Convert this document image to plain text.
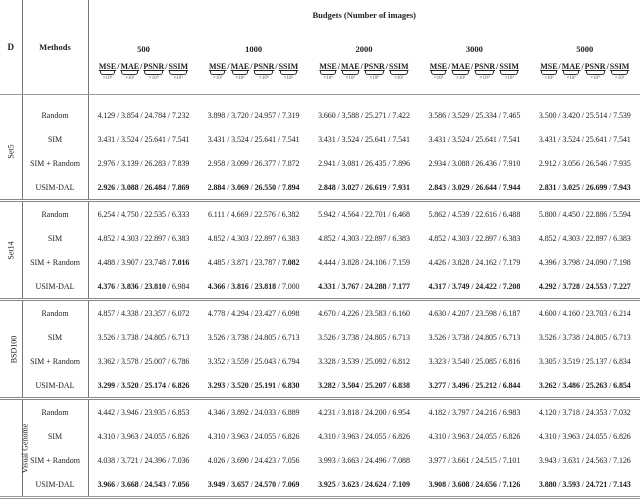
D	Methods	Budgets (Number of images)				
		500	1000	2000	3000	5000

MSE
×10³
/ MAE
×10²
/ PSNR
×10⁰
/ SSIM
×10²

MSE
×10³
/ MAE
×10²
/ PSNR
×10⁰
/ SSIM
×10²

MSE
×10³
/ MAE
×10²
/ PSNR
×10⁰
/ SSIM
×10²

MSE
×10³
/ MAE
×10²
/ PSNR
×10⁰
/ SSIM
×10²

MSE
×10³
/ MAE
×10²
/ PSNR
×10⁰
/ SSIM
×10²

Set5	Random	4.129 / 3.854 / 24.784 / 7.232	3.898 / 3.720 / 24.957 / 7.319	3.660 / 3.588 / 25.271 / 7.422	3.586 / 3.529 / 25.334 / 7.465	3.500 / 3.420 / 25.514 / 7.539
	SIM	3.431 / 3.524 / 25.641 / 7.541	3.431 / 3.524 / 25.641 / 7.541	3.431 / 3.524 / 25.641 / 7.541	3.431 / 3.524 / 25.641 / 7.541	3.431 / 3.524 / 25.641 / 7.541
	SIM + Random	2.976 / 3.139 / 26.283 / 7.839	2.958 / 3.099 / 26.377 / 7.872	2.941 / 3.081 / 26.435 / 7.896	2.934 / 3.088 / 26.436 / 7.910	2.912 / 3.056 / 26.546 / 7.935
	USIM-DAL	2.926 / 3.088 / 26.484 / 7.869	2.884 / 3.069 / 26.550 / 7.894	2.848 / 3.027 / 26.619 / 7.931	2.843 / 3.029 / 26.644 / 7.944	2.831 / 3.025 / 26.699 / 7.943
Set14	Random	6.254 / 4.750 / 22.535 / 6.333	6.111 / 4.669 / 22.576 / 6.382	5.942 / 4.564 / 22.701 / 6.468	5.862 / 4.539 / 22.616 / 6.488	5.800 / 4.450 / 22.886 / 5.594
	SIM	4.852 / 4.303 / 22.897 / 6.383	4.852 / 4.303 / 22.897 / 6.383	4.852 / 4.303 / 22.897 / 6.383	4.852 / 4.303 / 22.897 / 6.383	4.852 / 4.303 / 22.897 / 6.383
	SIM + Random	4.488 / 3.907 / 23.748 / 7.016	4.485 / 3.871 / 23.787 / 7.082	4.444 / 3.828 / 24.106 / 7.159	4.426 / 3.828 / 24.162 / 7.179	4.396 / 3.798 / 24.090 / 7.198
	USIM-DAL	4.376 / 3.836 / 23.810 / 6.984	4.366 / 3.816 / 23.818 / 7.000	4.331 / 3.767 / 24.288 / 7.177	4.317 / 3.749 / 24.422 / 7.208	4.292 / 3.728 / 24.553 / 7.227
BSD100	Random	4.857 / 4.338 / 23.357 / 6.072	4.778 / 4.294 / 23.427 / 6.098	4.670 / 4.226 / 23.583 / 6.160	4.630 / 4.207 / 23.598 / 6.187	4.600 / 4.160 / 23.703 / 6.214
	SIM	3.526 / 3.738 / 24.805 / 6.713	3.526 / 3.738 / 24.805 / 6.713	3.526 / 3.738 / 24.805 / 6.713	3.526 / 3.738 / 24.805 / 6.713	3.526 / 3.738 / 24.805 / 6.713
	SIM + Random	3.362 / 3.578 / 25.007 / 6.786	3.352 / 3.559 / 25.043 / 6.794	3.328 / 3.539 / 25.092 / 6.812	3.323 / 3.540 / 25.085 / 6.816	3.305 / 3.519 / 25.137 / 6.834
	USIM-DAL	3.299 / 3.520 / 25.174 / 6.826	3.293 / 3.520 / 25.191 / 6.830	3.282 / 3.504 / 25.207 / 6.838	3.277 / 3.496 / 25.212 / 6.844	3.262 / 3.486 / 25.263 / 6.854
Visual Genome	Random	4.442 / 3.946 / 23.935 / 6.853	4.346 / 3.892 / 24.033 / 6.889	4.231 / 3.818 / 24.200 / 6.954	4.182 / 3.797 / 24.216 / 6.983	4.120 / 3.718 / 24.353 / 7.032
	SIM	4.310 / 3.963 / 24.055 / 6.826	4.310 / 3.963 / 24.055 / 6.826	4.310 / 3.963 / 24.055 / 6.826	4.310 / 3.963 / 24.055 / 6.826	4.310 / 3.963 / 24.055 / 6.826
	SIM + Random	4.038 / 3.721 / 24.396 / 7.036	4.026 / 3.690 / 24.423 / 7.056	3.993 / 3.663 / 24.496 / 7.088	3.977 / 3.661 / 24.515 / 7.101	3.943 / 3.631 / 24.563 / 7.126
	USIM-DAL	3.966 / 3.668 / 24.543 / 7.056	3.949 / 3.657 / 24.570 / 7.069	3.925 / 3.623 / 24.624 / 7.109	3.908 / 3.608 / 24.656 / 7.126	3.880 / 3.593 / 24.721 / 7.143
